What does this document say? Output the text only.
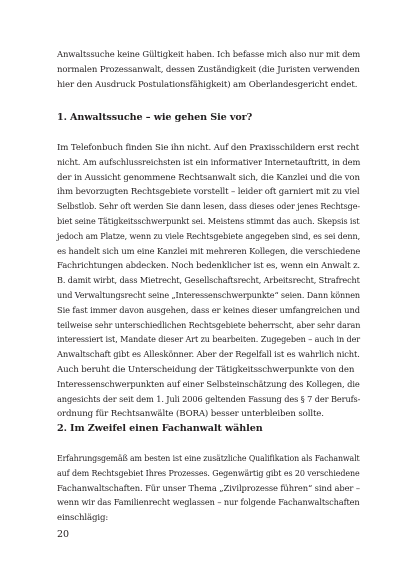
Anwaltssuche keine Gültigkeit haben. Ich befasse mich also nur mit dem
normalen Prozessanwalt, dessen Zuständigkeit (die Juristen verwenden
hier den Ausdruck Postulationsfähigkeit) am Oberlandesgericht endet.

1. Anwaltssuche – wie gehen Sie vor?

Im Telefonbuch finden Sie ihn nicht. Auf den Praxisschildern erst recht
nicht. Am aufschlussreichsten ist ein informativer Internetauftritt, in dem
der in Aussicht genommene Rechtsanwalt sich, die Kanzlei und die von
ihm bevorzugten Rechtsgebiete vorstellt – leider oft garniert mit zu viel
Selbstlob. Sehr oft werden Sie dann lesen, dass dieses oder jenes Rechtsge-
biet seine Tätigkeitsschwerpunkt sei. Meistens stimmt das auch. Skepsis ist
jedoch am Platze, wenn zu viele Rechtsgebiete angegeben sind, es sei denn,
es handelt sich um eine Kanzlei mit mehreren Kollegen, die verschiedene
Fachrichtungen abdecken. Noch bedenklicher ist es, wenn ein Anwalt z.
B. damit wirbt, dass Mietrecht, Gesellschaftsrecht, Arbeitsrecht, Strafrecht
und Verwaltungsrecht seine „Interessenschwerpunkte“ seien. Dann können
Sie fast immer davon ausgehen, dass er keines dieser umfangreichen und
teilweise sehr unterschiedlichen Rechtsgebiete beherrscht, aber sehr daran
interessiert ist, Mandate dieser Art zu bearbeiten. Zugegeben – auch in der
Anwaltschaft gibt es Alleskönner. Aber der Regelfall ist es wahrlich nicht.
Auch beruht die Unterscheidung der Tätigkeitsschwerpunkte von den
Interessenschwerpunkten auf einer Selbsteinschätzung des Kollegen, die
angesichts der seit dem 1. Juli 2006 geltenden Fassung des § 7 der Berufs-
ordnung für Rechtsanwälte (BORA) besser unterbleiben sollte.

2. Im Zweifel einen Fachanwalt wählen

Erfahrungsgemäß am besten ist eine zusätzliche Qualifikation als Fachanwalt
auf dem Rechtsgebiet Ihres Prozesses. Gegenwärtig gibt es 20 verschiedene
Fachanwaltschaften. Für unser Thema „Zivilprozesse führen“ sind aber –
wenn wir das Familienrecht weglassen – nur folgende Fachanwaltschaften
einschlägig:

20
